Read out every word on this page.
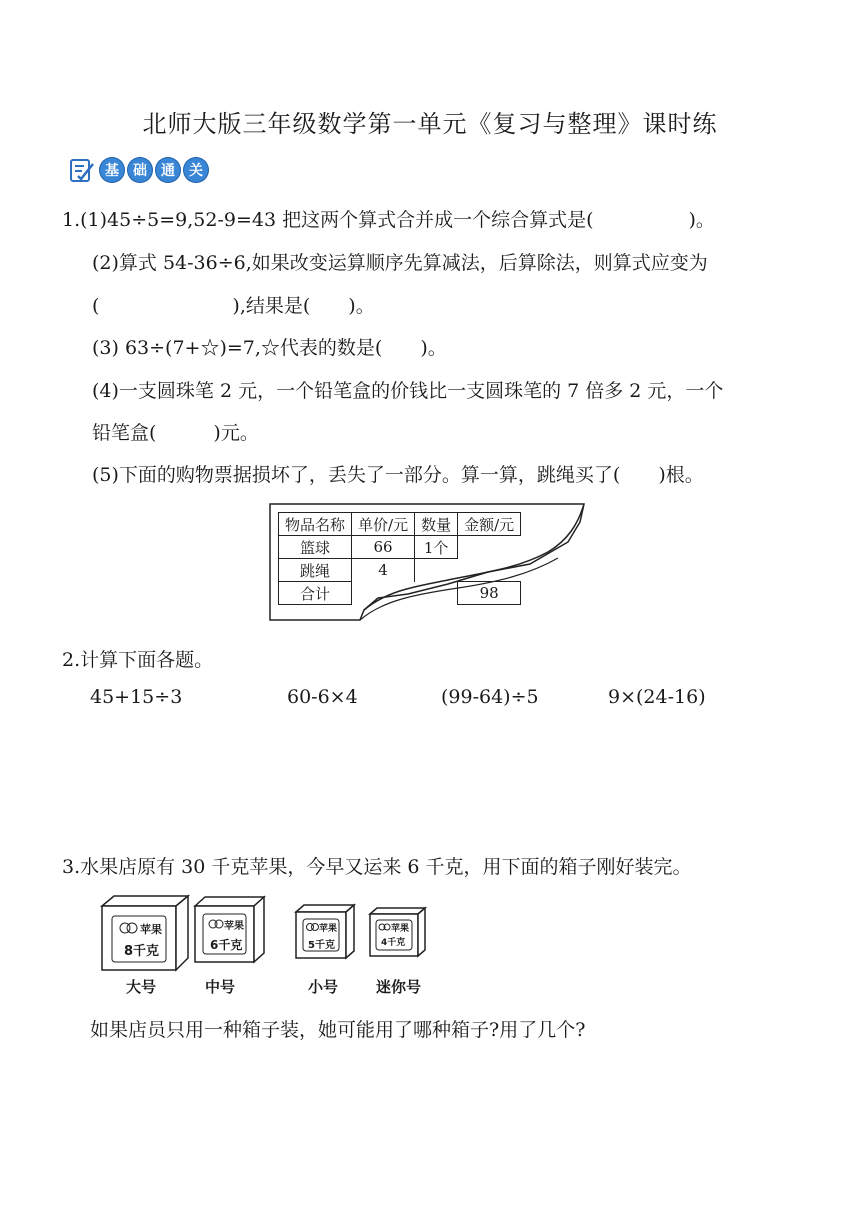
北师大版三年级数学第一单元《复习与整理》课时练
基	础	通	关
1.(1)45÷5=9,52-9=43 把这两个算式合并成一个综合算式是(　　　　　)。
(2)算式 54-36÷6,如果改变运算顺序先算减法，后算除法，则算式应变为
(　　　　　　　),结果是(　　)。
(3) 63÷(7+☆)=7,☆代表的数是(　　)。
(4)一支圆珠笔 2 元，一个铅笔盒的价钱比一支圆珠笔的 7 倍多 2 元，一个
铅笔盒(　　　)元。
(5)下面的购物票据损坏了，丢失了一部分。算一算，跳绳买了(　　)根。
物品名称	单价/元	数量	金额/元
篮球	66	1个	
跳绳	4		
合计			98
2.计算下面各题。
45+15÷3	60-6×4	(99-64)÷5	9×(24-16)
3.水果店原有 30 千克苹果，今早又运来 6 千克，用下面的箱子刚好装完。
苹果
8千克
苹果
6千克
苹果
5千克
苹果
4千克
大号	中号	小号	迷你号
如果店员只用一种箱子装，她可能用了哪种箱子?用了几个?
